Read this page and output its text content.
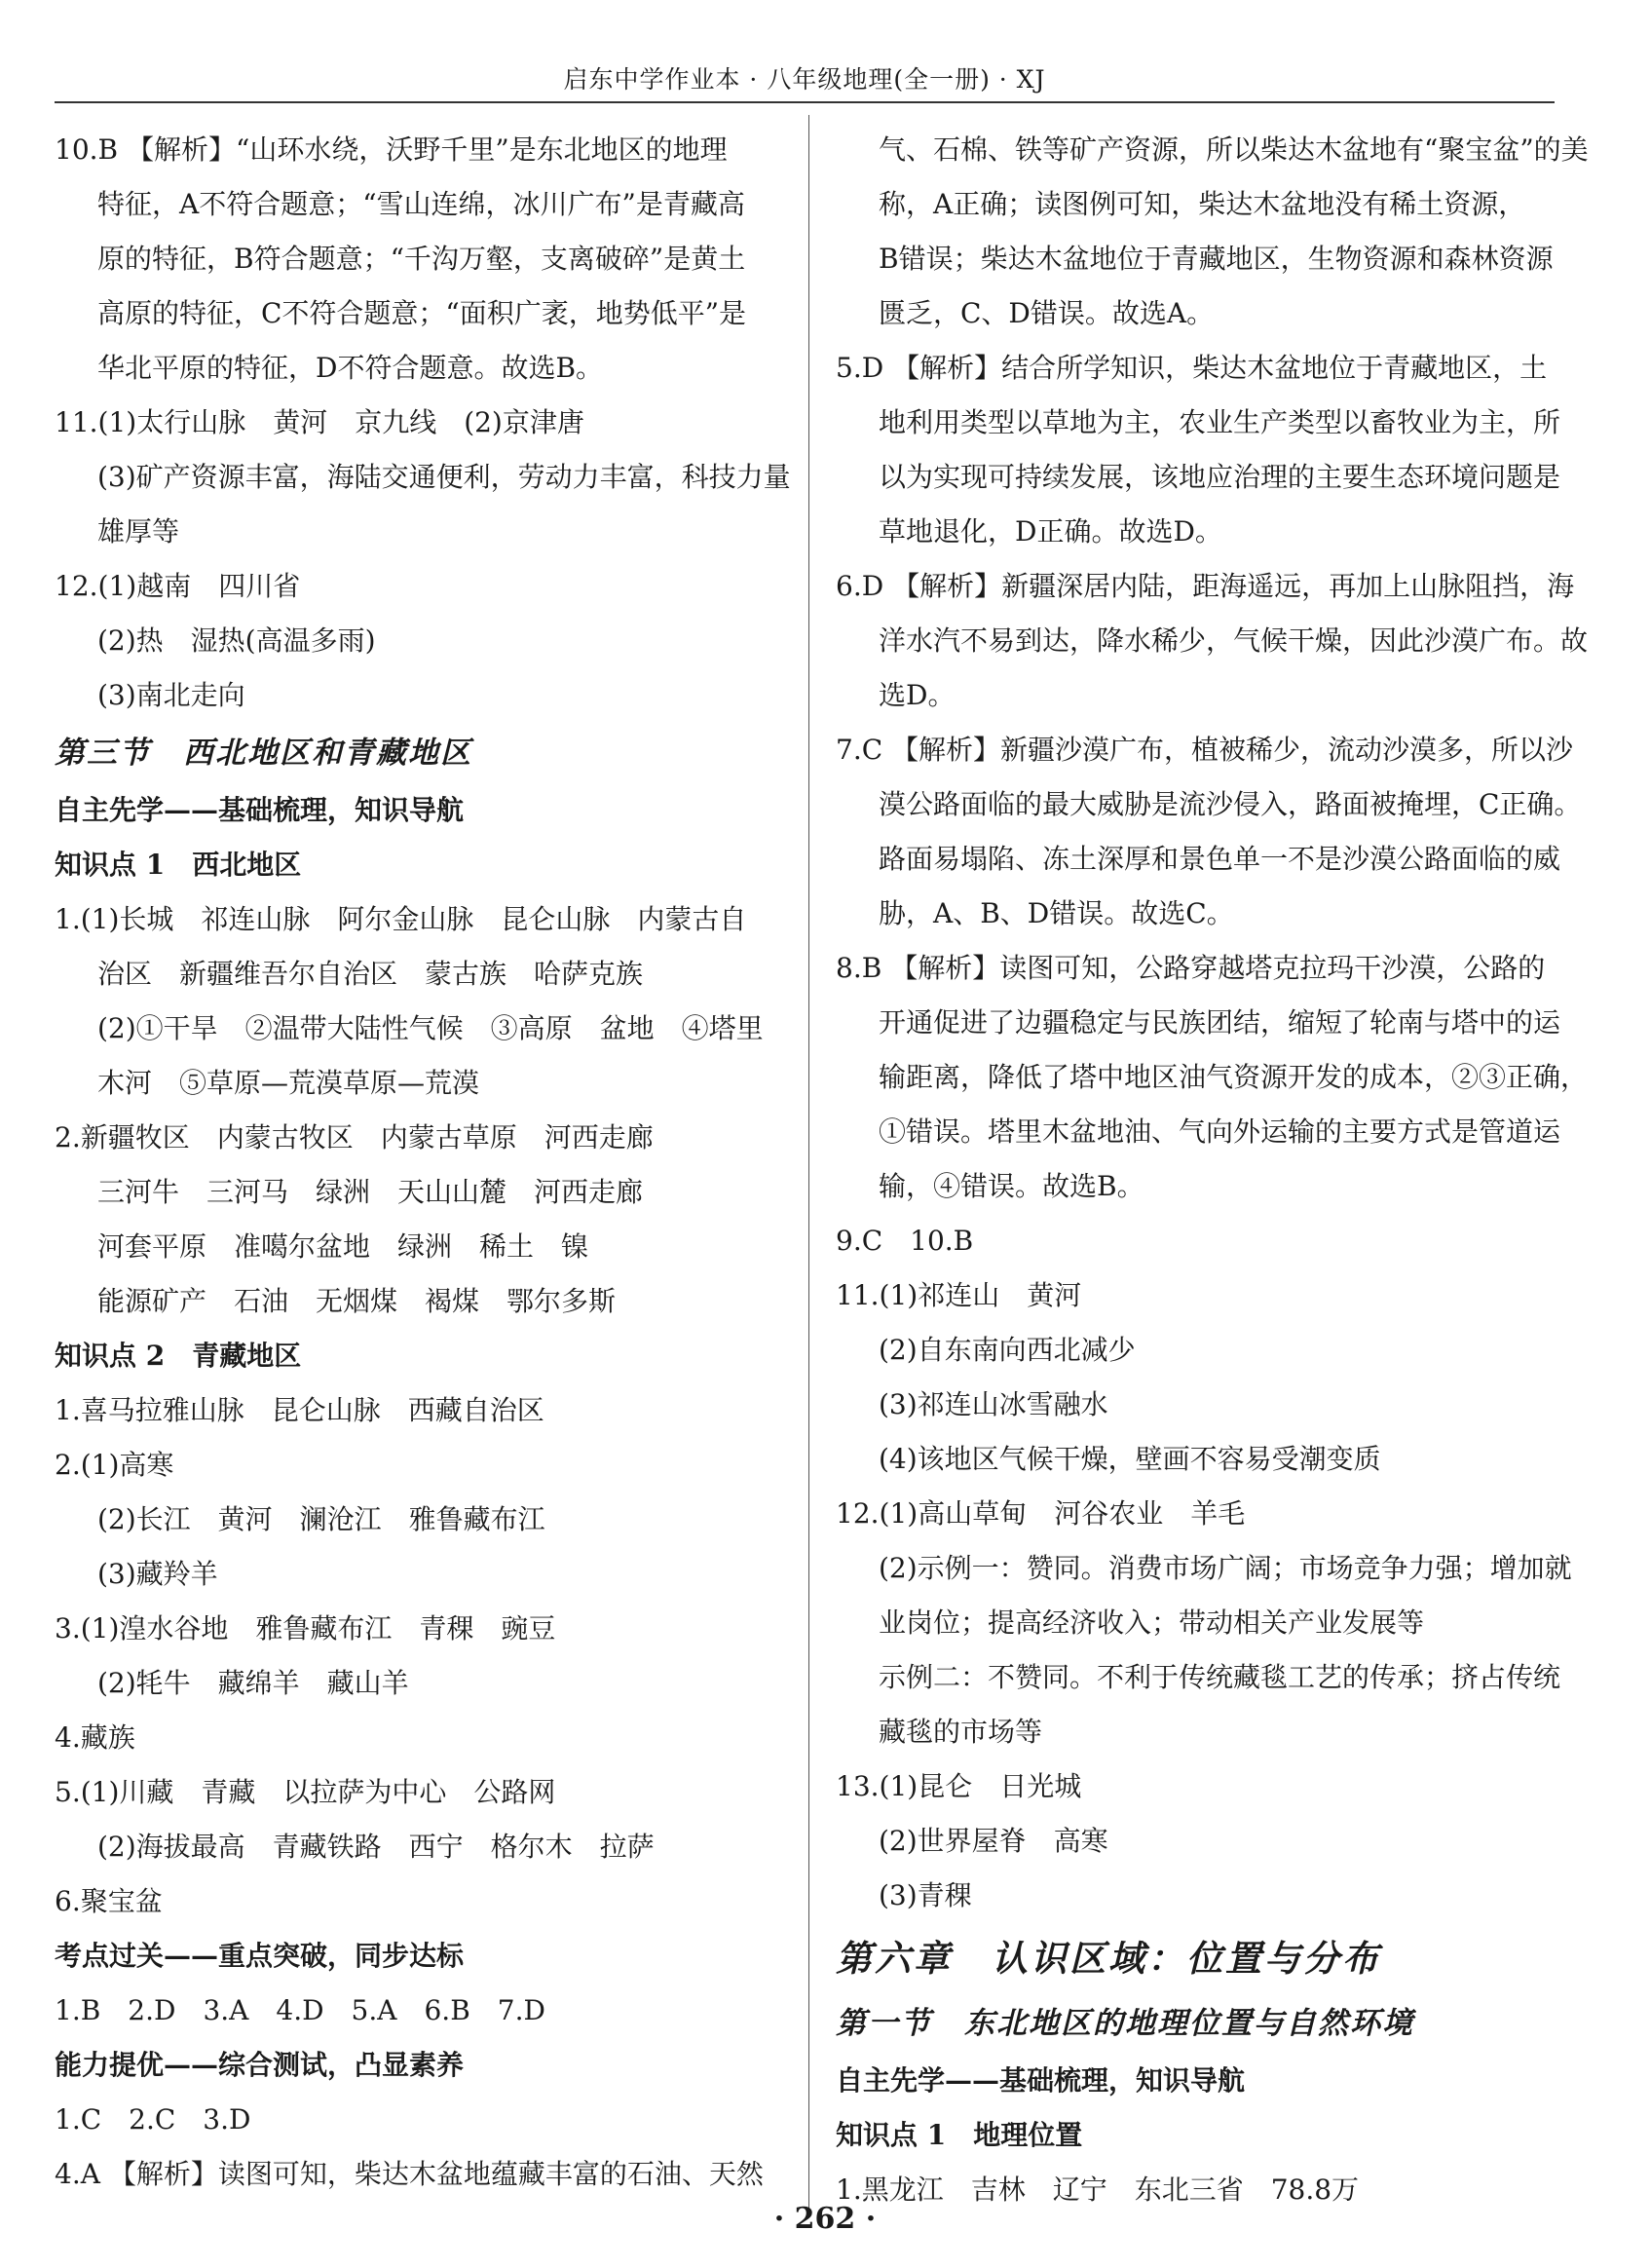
启东中学作业本 · 八年级地理(全一册) · XJ
10.B 【解析】“山环水绕，沃野千里”是东北地区的地理
特征，A不符合题意；“雪山连绵，冰川广布”是青藏高
原的特征，B符合题意；“千沟万壑，支离破碎”是黄土
高原的特征，C不符合题意；“面积广袤，地势低平”是
华北平原的特征，D不符合题意。故选B。
11.(1)太行山脉　黄河　京九线　(2)京津唐
(3)矿产资源丰富，海陆交通便利，劳动力丰富，科技力量
雄厚等
12.(1)越南　四川省
(2)热　湿热(高温多雨)
(3)南北走向
第三节　西北地区和青藏地区
自主先学——基础梳理，知识导航
知识点 1　西北地区
1.(1)长城　祁连山脉　阿尔金山脉　昆仑山脉　内蒙古自
治区　新疆维吾尔自治区　蒙古族　哈萨克族
(2)①干旱　②温带大陆性气候　③高原　盆地　④塔里
木河　⑤草原—荒漠草原—荒漠
2.新疆牧区　内蒙古牧区　内蒙古草原　河西走廊
三河牛　三河马　绿洲　天山山麓　河西走廊
河套平原　准噶尔盆地　绿洲　稀土　镍
能源矿产　石油　无烟煤　褐煤　鄂尔多斯
知识点 2　青藏地区
1.喜马拉雅山脉　昆仑山脉　西藏自治区
2.(1)高寒
(2)长江　黄河　澜沧江　雅鲁藏布江
(3)藏羚羊
3.(1)湟水谷地　雅鲁藏布江　青稞　豌豆
(2)牦牛　藏绵羊　藏山羊
4.藏族
5.(1)川藏　青藏　以拉萨为中心　公路网
(2)海拔最高　青藏铁路　西宁　格尔木　拉萨
6.聚宝盆
考点过关——重点突破，同步达标
1.B　2.D　3.A　4.D　5.A　6.B　7.D
能力提优——综合测试，凸显素养
1.C　2.C　3.D
4.A 【解析】读图可知，柴达木盆地蕴藏丰富的石油、天然
气、石棉、铁等矿产资源，所以柴达木盆地有“聚宝盆”的美
称，A正确；读图例可知，柴达木盆地没有稀土资源，
B错误；柴达木盆地位于青藏地区，生物资源和森林资源
匮乏，C、D错误。故选A。
5.D 【解析】结合所学知识，柴达木盆地位于青藏地区，土
地利用类型以草地为主，农业生产类型以畜牧业为主，所
以为实现可持续发展，该地应治理的主要生态环境问题是
草地退化，D正确。故选D。
6.D 【解析】新疆深居内陆，距海遥远，再加上山脉阻挡，海
洋水汽不易到达，降水稀少，气候干燥，因此沙漠广布。故
选D。
7.C 【解析】新疆沙漠广布，植被稀少，流动沙漠多，所以沙
漠公路面临的最大威胁是流沙侵入，路面被掩埋，C正确。
路面易塌陷、冻土深厚和景色单一不是沙漠公路面临的威
胁，A、B、D错误。故选C。
8.B 【解析】读图可知，公路穿越塔克拉玛干沙漠，公路的
开通促进了边疆稳定与民族团结，缩短了轮南与塔中的运
输距离，降低了塔中地区油气资源开发的成本，②③正确，
①错误。塔里木盆地油、气向外运输的主要方式是管道运
输，④错误。故选B。
9.C　10.B
11.(1)祁连山　黄河
(2)自东南向西北减少
(3)祁连山冰雪融水
(4)该地区气候干燥，壁画不容易受潮变质
12.(1)高山草甸　河谷农业　羊毛
(2)示例一：赞同。消费市场广阔；市场竞争力强；增加就
业岗位；提高经济收入；带动相关产业发展等
示例二：不赞同。不利于传统藏毯工艺的传承；挤占传统
藏毯的市场等
13.(1)昆仑　日光城
(2)世界屋脊　高寒
(3)青稞
第六章　认识区域：位置与分布
第一节　东北地区的地理位置与自然环境
自主先学——基础梳理，知识导航
知识点 1　地理位置
1.黑龙江　吉林　辽宁　东北三省　78.8万
· 262 ·
